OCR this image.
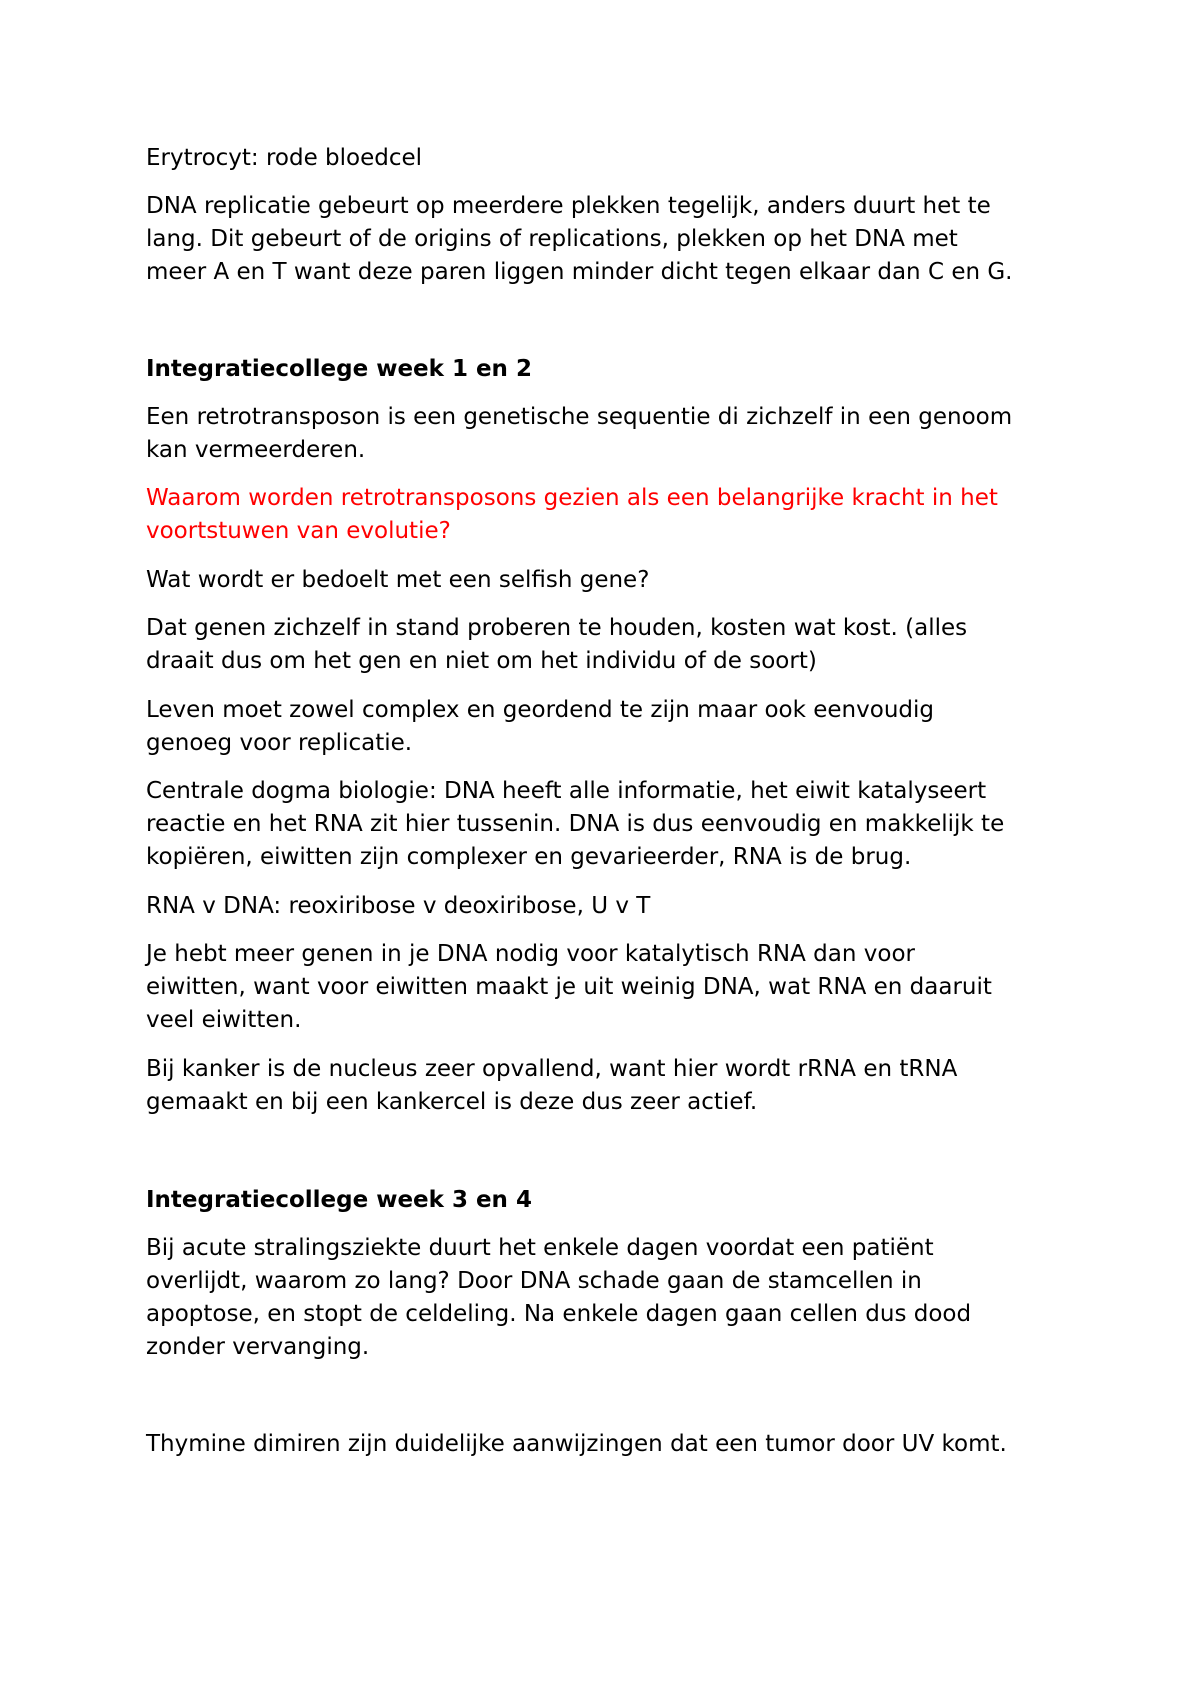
Erytrocyt: rode bloedcel

DNA replicatie gebeurt op meerdere plekken tegelijk, anders duurt het te
lang. Dit gebeurt of de origins of replications, plekken op het DNA met
meer A en T want deze paren liggen minder dicht tegen elkaar dan C en G.

Integratiecollege week 1 en 2

Een retrotransposon is een genetische sequentie di zichzelf in een genoom
kan vermeerderen.

Waarom worden retrotransposons gezien als een belangrijke kracht in het
voortstuwen van evolutie?

Wat wordt er bedoelt met een selfish gene?

Dat genen zichzelf in stand proberen te houden, kosten wat kost. (alles
draait dus om het gen en niet om het individu of de soort)

Leven moet zowel complex en geordend te zijn maar ook eenvoudig
genoeg voor replicatie.

Centrale dogma biologie: DNA heeft alle informatie, het eiwit katalyseert
reactie en het RNA zit hier tussenin. DNA is dus eenvoudig en makkelijk te
kopiëren, eiwitten zijn complexer en gevarieerder, RNA is de brug.

RNA v DNA: reoxiribose v deoxiribose, U v T

Je hebt meer genen in je DNA nodig voor katalytisch RNA dan voor
eiwitten, want voor eiwitten maakt je uit weinig DNA, wat RNA en daaruit
veel eiwitten.

Bij kanker is de nucleus zeer opvallend, want hier wordt rRNA en tRNA
gemaakt en bij een kankercel is deze dus zeer actief.

Integratiecollege week 3 en 4

Bij acute stralingsziekte duurt het enkele dagen voordat een patiënt
overlijdt, waarom zo lang? Door DNA schade gaan de stamcellen in
apoptose, en stopt de celdeling. Na enkele dagen gaan cellen dus dood
zonder vervanging.

Thymine dimiren zijn duidelijke aanwijzingen dat een tumor door UV komt.
